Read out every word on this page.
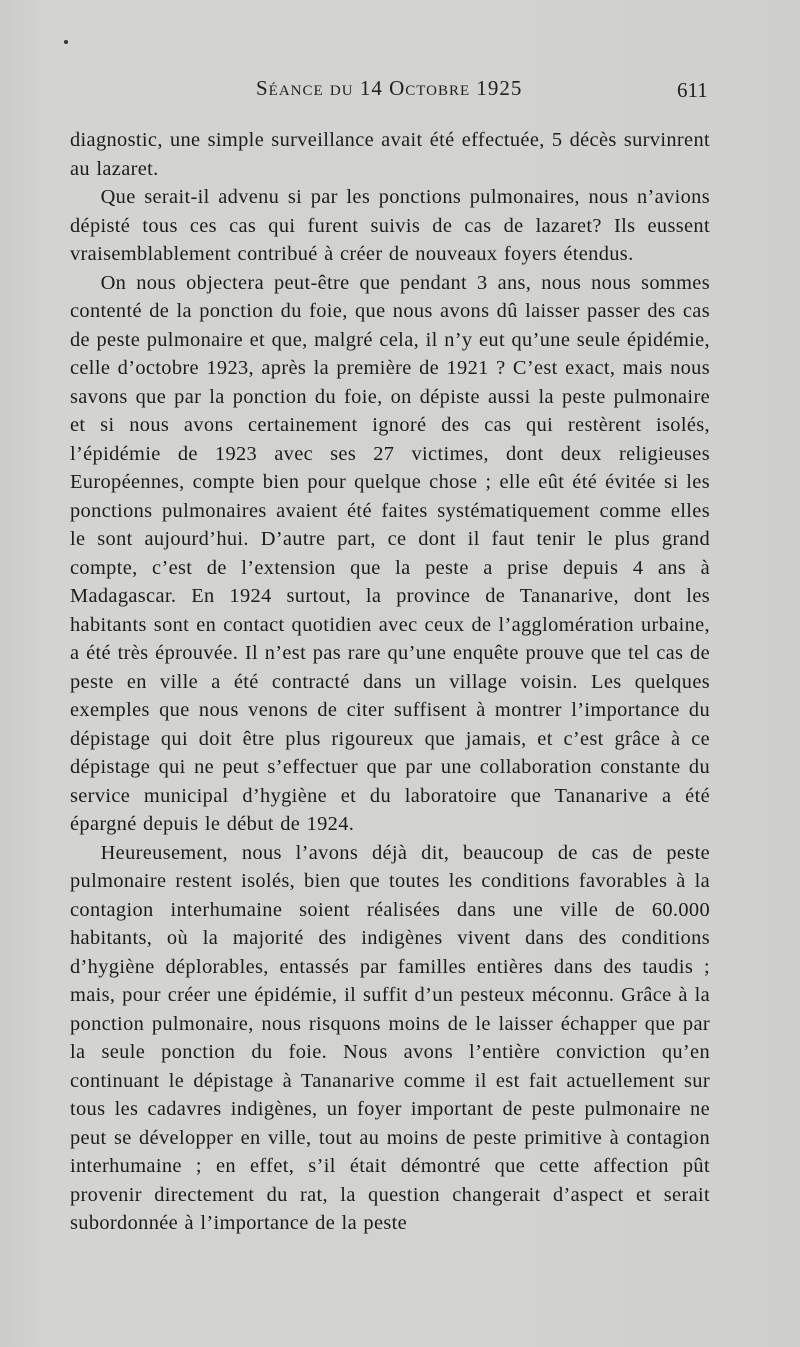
Séance du 14 Octobre 1925	611

diagnostic, une simple surveillance avait été effectuée, 5 décès survinrent au lazaret.

Que serait-il advenu si par les ponctions pulmonaires, nous n’avions dépisté tous ces cas qui furent suivis de cas de lazaret? Ils eussent vraisemblablement contribué à créer de nouveaux foyers étendus.

On nous objectera peut-être que pendant 3 ans, nous nous sommes contenté de la ponction du foie, que nous avons dû laisser passer des cas de peste pulmonaire et que, malgré cela, il n’y eut qu’une seule épidémie, celle d’octobre 1923, après la première de 1921 ? C’est exact, mais nous savons que par la ponction du foie, on dépiste aussi la peste pulmonaire et si nous avons certainement ignoré des cas qui restèrent isolés, l’épidémie de 1923 avec ses 27 victimes, dont deux religieuses Européennes, compte bien pour quelque chose ; elle eût été évitée si les ponctions pulmonaires avaient été faites systématiquement comme elles le sont aujourd’hui. D’autre part, ce dont il faut tenir le plus grand compte, c’est de l’extension que la peste a prise depuis 4 ans à Madagascar. En 1924 surtout, la province de Tananarive, dont les habitants sont en contact quotidien avec ceux de l’agglomération urbaine, a été très éprouvée. Il n’est pas rare qu’une enquête prouve que tel cas de peste en ville a été contracté dans un village voisin. Les quelques exemples que nous venons de citer suffisent à montrer l’importance du dépistage qui doit être plus rigoureux que jamais, et c’est grâce à ce dépistage qui ne peut s’effectuer que par une collaboration constante du service municipal d’hygiène et du laboratoire que Tananarive a été épargné depuis le début de 1924.

Heureusement, nous l’avons déjà dit, beaucoup de cas de peste pulmonaire restent isolés, bien que toutes les conditions favorables à la contagion interhumaine soient réalisées dans une ville de 60.000 habitants, où la majorité des indigènes vivent dans des conditions d’hygiène déplorables, entassés par familles entières dans des taudis ; mais, pour créer une épidémie, il suffit d’un pesteux méconnu. Grâce à la ponction pulmonaire, nous risquons moins de le laisser échapper que par la seule ponction du foie. Nous avons l’entière conviction qu’en continuant le dépistage à Tananarive comme il est fait actuellement sur tous les cadavres indigènes, un foyer important de peste pulmonaire ne peut se développer en ville, tout au moins de peste primitive à contagion interhumaine ; en effet, s’il était démontré que cette affection pût provenir directement du rat, la question changerait d’aspect et serait subordonnée à l’importance de la peste
